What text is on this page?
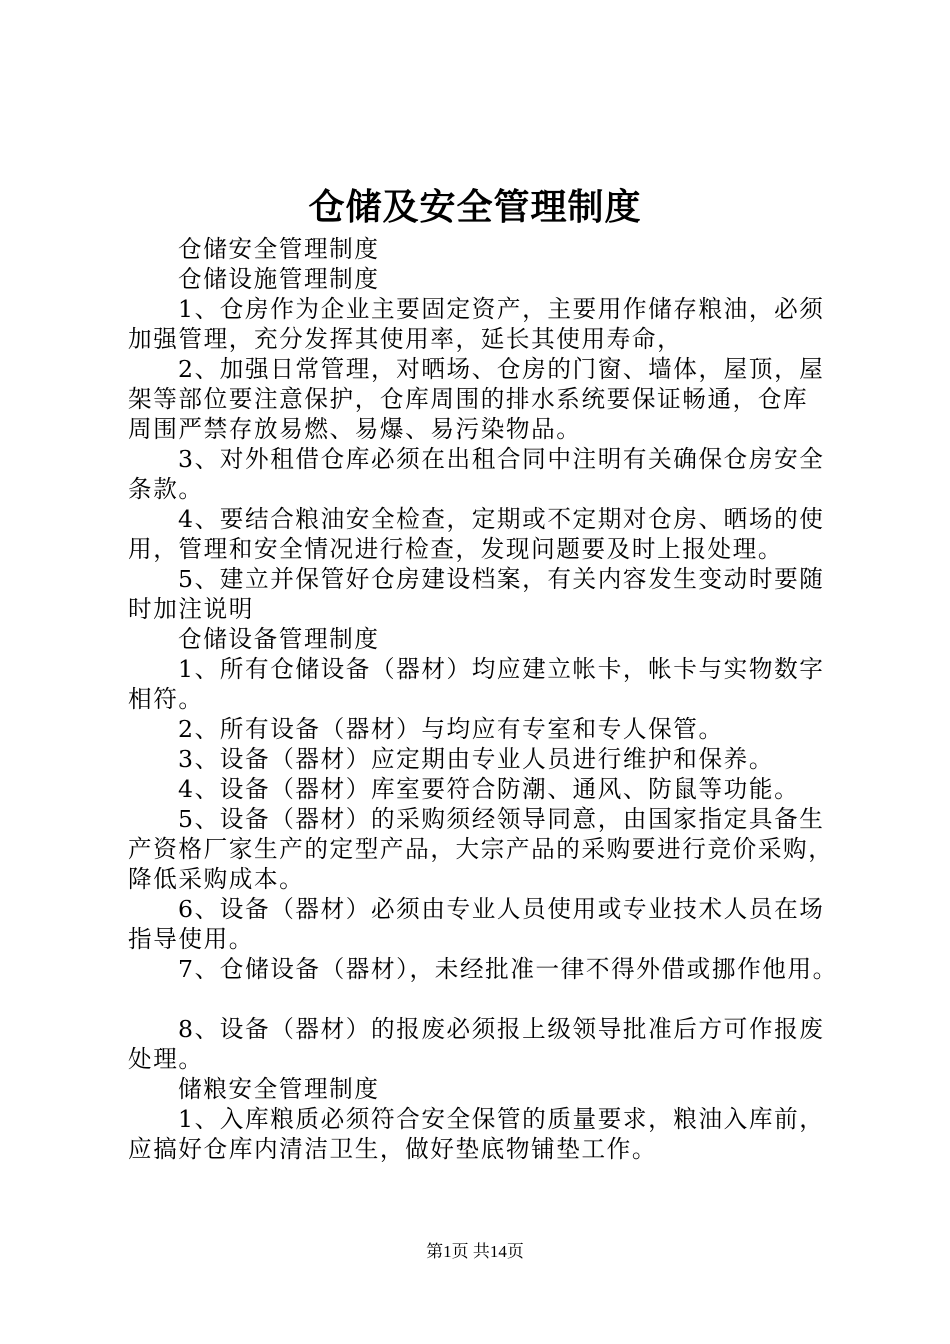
仓储及安全管理制度
仓储安全管理制度
仓储设施管理制度
1、仓房作为企业主要固定资产，主要用作储存粮油，必须
加强管理，充分发挥其使用率，延长其使用寿命，
2、加强日常管理，对晒场、仓房的门窗、墙体，屋顶，屋
架等部位要注意保护，仓库周围的排水系统要保证畅通，仓库
周围严禁存放易燃、易爆、易污染物品。
3、对外租借仓库必须在出租合同中注明有关确保仓房安全
条款。
4、要结合粮油安全检查，定期或不定期对仓房、晒场的使
用，管理和安全情况进行检查，发现问题要及时上报处理。
5、建立并保管好仓房建设档案，有关内容发生变动时要随
时加注说明
仓储设备管理制度
1、所有仓储设备（器材）均应建立帐卡，帐卡与实物数字
相符。
2、所有设备（器材）与均应有专室和专人保管。
3、设备（器材）应定期由专业人员进行维护和保养。
4、设备（器材）库室要符合防潮、通风、防鼠等功能。
5、设备（器材）的采购须经领导同意，由国家指定具备生
产资格厂家生产的定型产品，大宗产品的采购要进行竞价采购，
降低采购成本。
6、设备（器材）必须由专业人员使用或专业技术人员在场
指导使用。
7、仓储设备（器材），未经批准一律不得外借或挪作他用。
8、设备（器材）的报废必须报上级领导批准后方可作报废
处理。
储粮安全管理制度
1、入库粮质必须符合安全保管的质量要求，粮油入库前，
应搞好仓库内清洁卫生，做好垫底物铺垫工作。
第1页 共14页
